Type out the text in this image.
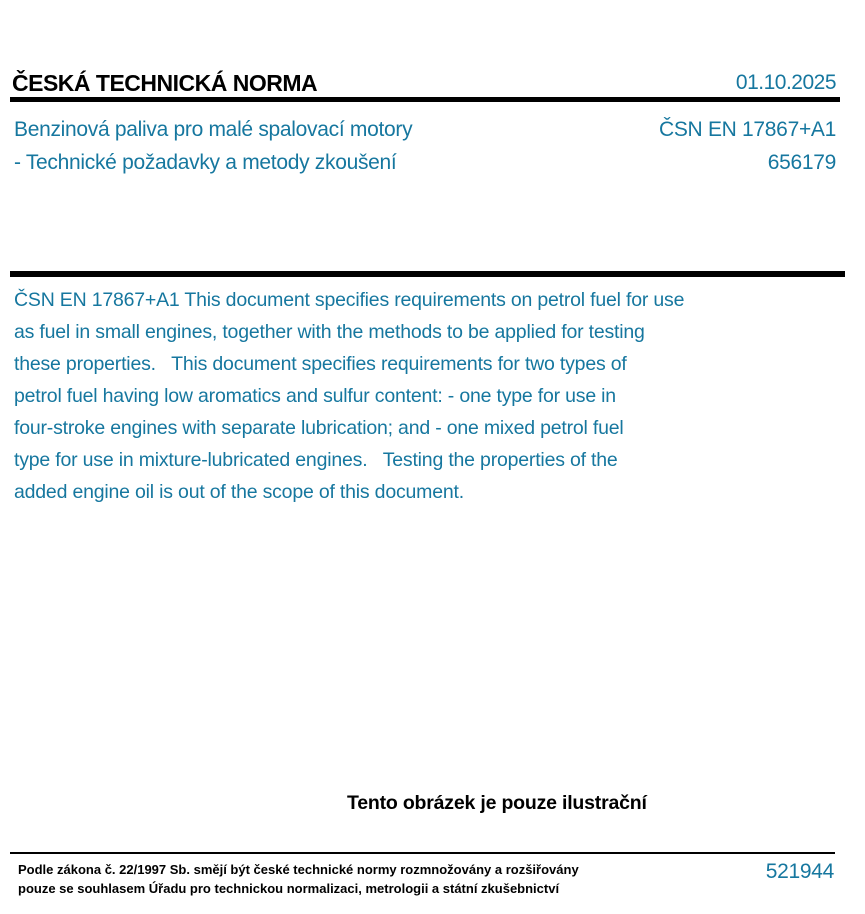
ČESKÁ TECHNICKÁ NORMA	01.10.2025
Benzinová paliva pro malé spalovací motory
- Technické požadavky a metody zkoušení
ČSN EN 17867+A1
656179
ČSN EN 17867+A1 This document specifies requirements on petrol fuel for use
as fuel in small engines, together with the methods to be applied for testing
these properties.   This document specifies requirements for two types of
petrol fuel having low aromatics and sulfur content: - one type for use in
four-stroke engines with separate lubrication; and - one mixed petrol fuel
type for use in mixture-lubricated engines.   Testing the properties of the
added engine oil is out of the scope of this document.
Tento obrázek je pouze ilustrační
Podle zákona č. 22/1997 Sb. smějí být české technické normy rozmnožovány a rozšiřovány
pouze se souhlasem Úřadu pro technickou normalizaci, metrologii a státní zkušebnictví
521944
